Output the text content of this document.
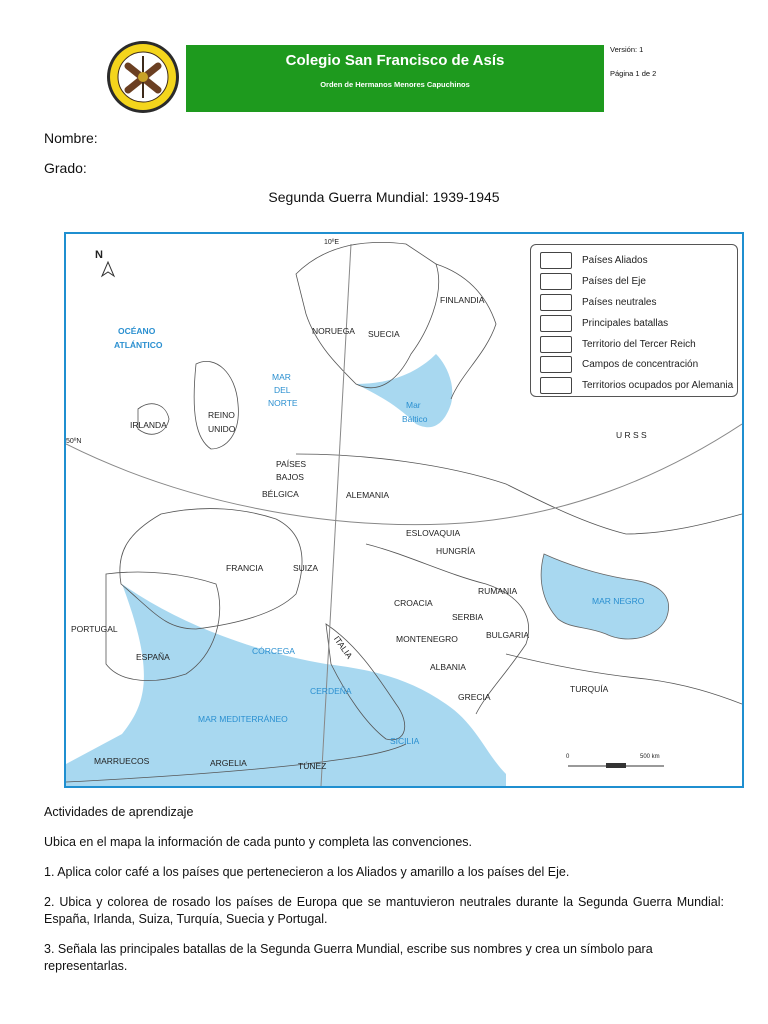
Colegio San Francisco de Asís
Orden de Hermanos Menores Capuchinos
Versión: 1
Página 1 de 2
Nombre:
Grado:
Segunda Guerra Mundial: 1939-1945
N
10ºE
50ºN
0	500 km
OCÉANO
ATLÁNTICO
MAR
DEL
NORTE	Mar
Báltico
MAR NEGRO
CÓRCEGA
CERDEÑA
MAR MEDITERRÁNEO
SICILIA
FINLANDIA
NORUEGA SUECIA
IRLANDA
REINO
UNIDO
PAÍSES
BAJOS
BÉLGICA	ALEMANIA
U R S S
ESLOVAQUIA
HUNGRÍA
FRANCIA	SUIZA
RUMANIA
CROACIA
SERBIA
BULGARIA
MONTENEGRO
ITALIA
PORTUGAL
ESPAÑA
ALBANIA
GRECIA
TURQUÍA
MARRUECOS	ARGELIA	TÚNEZ
Países Aliados
Países del Eje
Países neutrales
Principales batallas
Territorio del Tercer Reich
Campos de concentración
Territorios ocupados por Alemania
Actividades de aprendizaje
Ubica en el mapa la información de cada punto y completa las convenciones.
1. Aplica color café a los países que pertenecieron a los Aliados y amarillo a los países del Eje.
2. Ubica y colorea de rosado los países de Europa que se mantuvieron neutrales durante la Segunda Guerra Mundial: España, Irlanda, Suiza, Turquía, Suecia y Portugal.
3. Señala las principales batallas de la Segunda Guerra Mundial, escribe sus nombres y crea un símbolo para representarlas.
